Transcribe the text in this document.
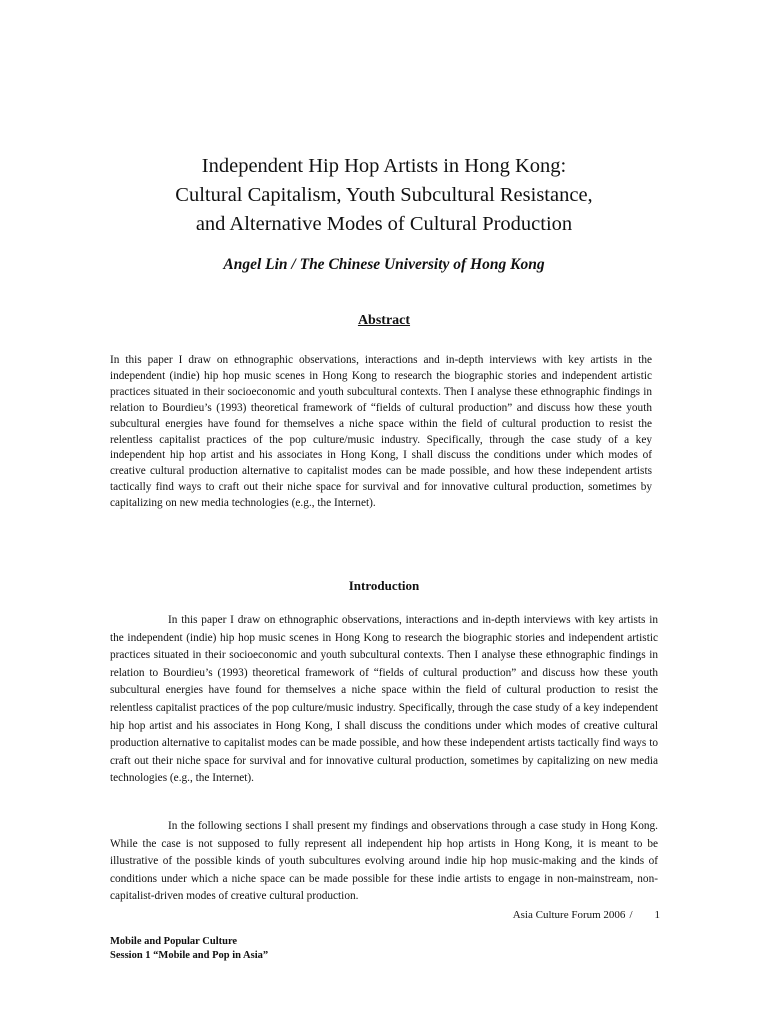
Independent Hip Hop Artists in Hong Kong:
Cultural Capitalism, Youth Subcultural Resistance,
and Alternative Modes of Cultural Production

Angel Lin / The Chinese University of Hong Kong

Abstract

In this paper I draw on ethnographic observations, interactions and in-depth interviews with key artists in the independent (indie) hip hop music scenes in Hong Kong to research the biographic stories and independent artistic practices situated in their socioeconomic and youth subcultural contexts. Then I analyse these ethnographic findings in relation to Bourdieu’s (1993) theoretical framework of “fields of cultural production” and discuss how these youth subcultural energies have found for themselves a niche space within the field of cultural production to resist the relentless capitalist practices of the pop culture/music industry. Specifically, through the case study of a key independent hip hop artist and his associates in Hong Kong, I shall discuss the conditions under which modes of creative cultural production alternative to capitalist modes can be made possible, and how these independent artists tactically find ways to craft out their niche space for survival and for innovative cultural production, sometimes by capitalizing on new media technologies (e.g., the Internet).

Introduction

In this paper I draw on ethnographic observations, interactions and in-depth interviews with key artists in the independent (indie) hip hop music scenes in Hong Kong to research the biographic stories and independent artistic practices situated in their socioeconomic and youth subcultural contexts. Then I analyse these ethnographic findings in relation to Bourdieu’s (1993) theoretical framework of “fields of cultural production” and discuss how these youth subcultural energies have found for themselves a niche space within the field of cultural production to resist the relentless capitalist practices of the pop culture/music industry. Specifically, through the case study of a key independent hip hop artist and his associates in Hong Kong, I shall discuss the conditions under which modes of creative cultural production alternative to capitalist modes can be made possible, and how these independent artists tactically find ways to craft out their niche space for survival and for innovative cultural production, sometimes by capitalizing on new media technologies (e.g., the Internet).

In the following sections I shall present my findings and observations through a case study in Hong Kong. While the case is not supposed to fully represent all independent hip hop artists in Hong Kong, it is meant to be illustrative of the possible kinds of youth subcultures evolving around indie hip hop music-making and the kinds of conditions under which a niche space can be made possible for these indie artists to engage in non-mainstream, non-capitalist-driven modes of creative cultural production.

Asia Culture Forum 2006 / 1
Mobile and Popular Culture
Session 1 “Mobile and Pop in Asia”
